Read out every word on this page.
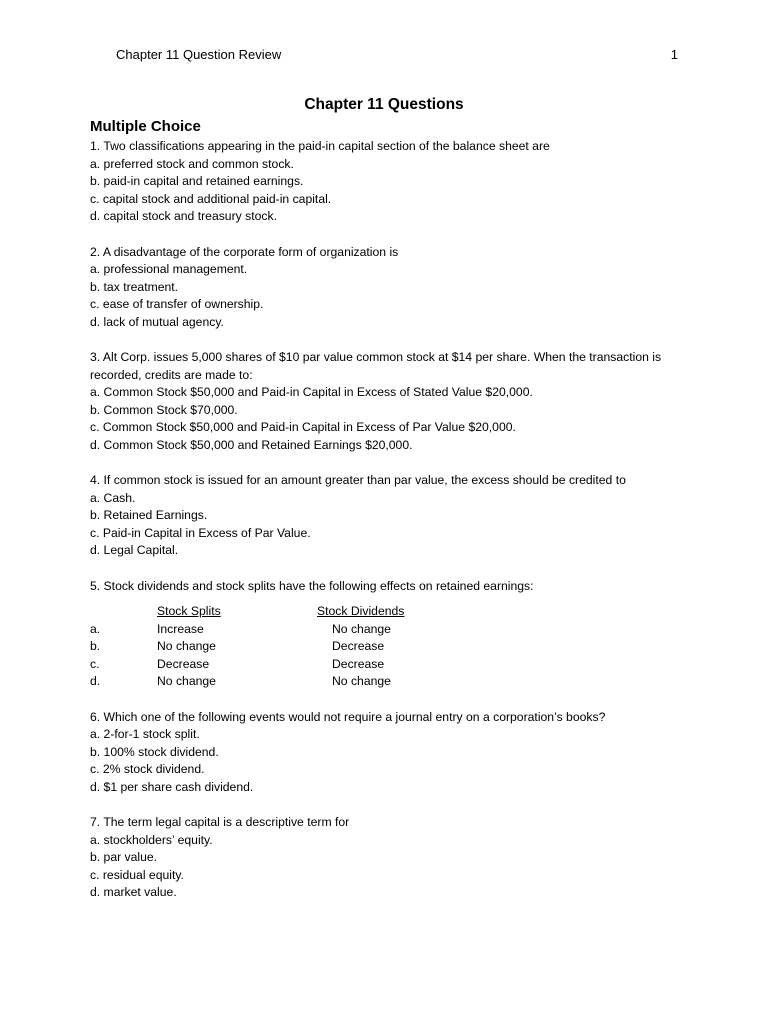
Chapter 11 Question Review	1
Chapter 11 Questions
Multiple Choice

1. Two classifications appearing in the paid-in capital section of the balance sheet are

a. preferred stock and common stock.

b. paid-in capital and retained earnings.

c. capital stock and additional paid-in capital.

d. capital stock and treasury stock.

2. A disadvantage of the corporate form of organization is

a. professional management.

b. tax treatment.

c. ease of transfer of ownership.

d. lack of mutual agency.

3. Alt Corp. issues 5,000 shares of $10 par value common stock at $14 per share. When the transaction is recorded, credits are made to:

a. Common Stock $50,000 and Paid-in Capital in Excess of Stated Value $20,000.

b. Common Stock $70,000.

c. Common Stock $50,000 and Paid-in Capital in Excess of Par Value $20,000.

d. Common Stock $50,000 and Retained Earnings $20,000.

4. If common stock is issued for an amount greater than par value, the excess should be credited to

a. Cash.

b. Retained Earnings.

c. Paid-in Capital in Excess of Par Value.

d. Legal Capital.

5. Stock dividends and stock splits have the following effects on retained earnings:

	Stock Splits	Stock Dividends
a.	Increase	No change
b.	No change	Decrease
c.	Decrease	Decrease
d.	No change	No change

6. Which one of the following events would not require a journal entry on a corporation’s books?

a. 2-for-1 stock split.

b. 100% stock dividend.

c. 2% stock dividend.

d. $1 per share cash dividend.

7. The term legal capital is a descriptive term for

a. stockholders’ equity.

b. par value.

c. residual equity.

d. market value.
